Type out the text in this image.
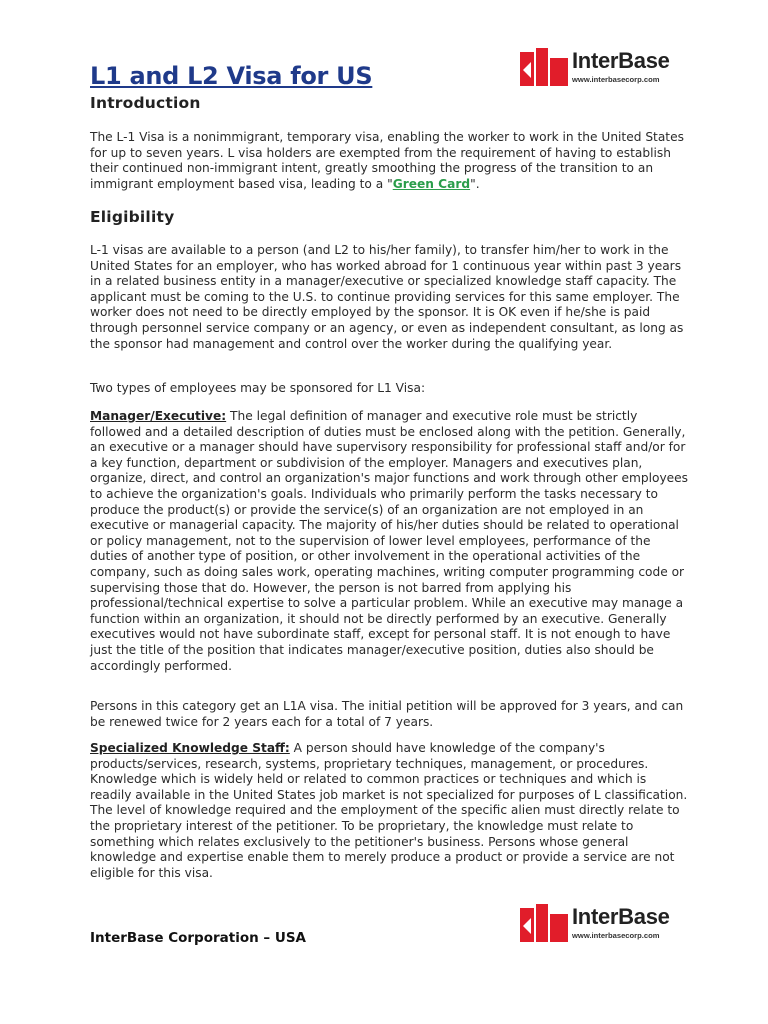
L1 and L2 Visa for US
InterBase
www.interbasecorp.com
Introduction

The L-1 Visa is a nonimmigrant, temporary visa, enabling the worker to work in the United States for up to seven years. L visa holders are exempted from the requirement of having to establish their continued non-immigrant intent, greatly smoothing the progress of the transition to an immigrant employment based visa, leading to a "Green Card".

Eligibility

L-1 visas are available to a person (and L2 to his/her family), to transfer him/her to work in the United States for an employer, who has worked abroad for 1 continuous year within past 3 years in a related business entity in a manager/executive or specialized knowledge staff capacity. The applicant must be coming to the U.S. to continue providing services for this same employer. The worker does not need to be directly employed by the sponsor. It is OK even if he/she is paid through personnel service company or an agency, or even as independent consultant, as long as the sponsor had management and control over the worker during the qualifying year.

Two types of employees may be sponsored for L1 Visa:

Manager/Executive: The legal definition of manager and executive role must be strictly followed and a detailed description of duties must be enclosed along with the petition. Generally, an executive or a manager should have supervisory responsibility for professional staff and/or for a key function, department or subdivision of the employer. Managers and executives plan, organize, direct, and control an organization's major functions and work through other employees to achieve the organization's goals. Individuals who primarily perform the tasks necessary to produce the product(s) or provide the service(s) of an organization are not employed in an executive or managerial capacity. The majority of his/her duties should be related to operational or policy management, not to the supervision of lower level employees, performance of the duties of another type of position, or other involvement in the operational activities of the company, such as doing sales work, operating machines, writing computer programming code or supervising those that do. However, the person is not barred from applying his professional/technical expertise to solve a particular problem. While an executive may manage a function within an organization, it should not be directly performed by an executive. Generally executives would not have subordinate staff, except for personal staff. It is not enough to have just the title of the position that indicates manager/executive position, duties also should be accordingly performed.

Persons in this category get an L1A visa. The initial petition will be approved for 3 years, and can be renewed twice for 2 years each for a total of 7 years.

Specialized Knowledge Staff: A person should have knowledge of the company's products/services, research, systems, proprietary techniques, management, or procedures. Knowledge which is widely held or related to common practices or techniques and which is readily available in the United States job market is not specialized for purposes of L classification. The level of knowledge required and the employment of the specific alien must directly relate to the proprietary interest of the petitioner. To be proprietary, the knowledge must relate to something which relates exclusively to the petitioner's business. Persons whose general knowledge and expertise enable them to merely produce a product or provide a service are not eligible for this visa.

InterBase Corporation – USA
InterBase
www.interbasecorp.com
